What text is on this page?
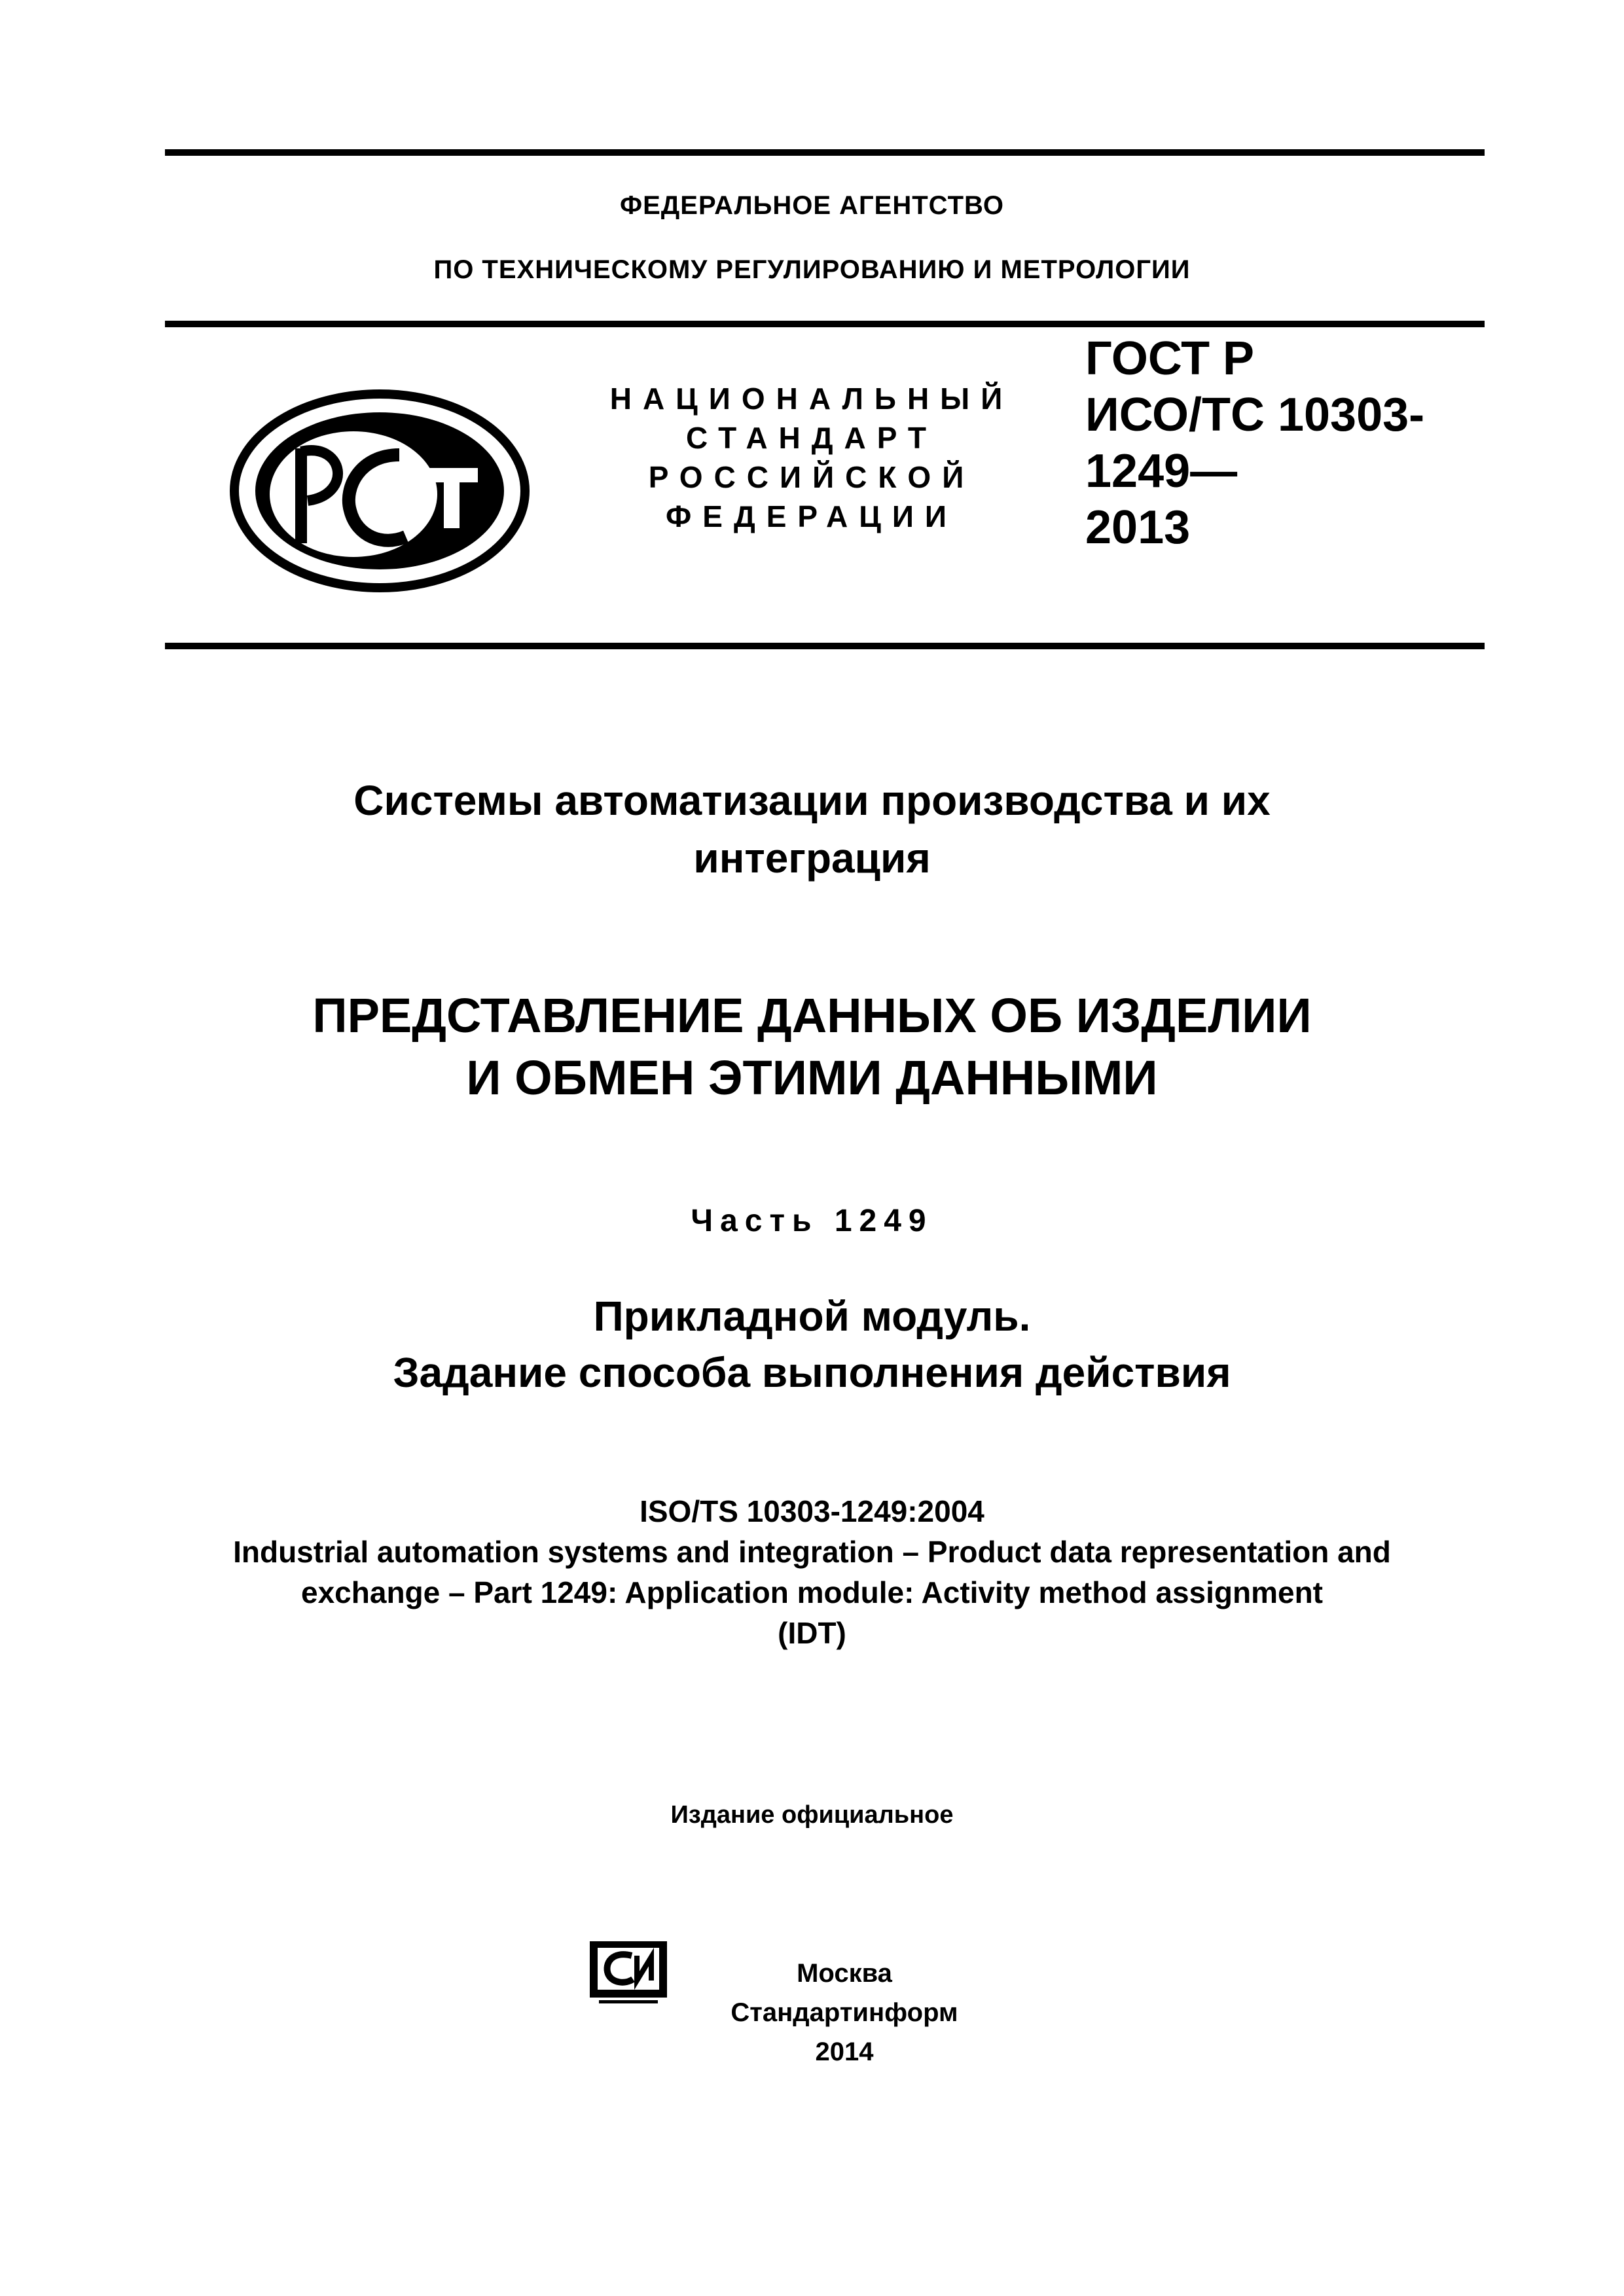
ФЕДЕРАЛЬНОЕ АГЕНТСТВО
ПО ТЕХНИЧЕСКОМУ РЕГУЛИРОВАНИЮ И МЕТРОЛОГИИ
НАЦИОНАЛЬНЫЙ
СТАНДАРТ
РОССИЙСКОЙ
ФЕДЕРАЦИИ
ГОСТ Р
ИСО/ТС 10303-
1249—
2013
Системы автоматизации производства и их
интеграция
ПРЕДСТАВЛЕНИЕ ДАННЫХ ОБ ИЗДЕЛИИ
И ОБМЕН ЭТИМИ ДАННЫМИ
Часть 1249
Прикладной модуль.
Задание способа выполнения действия
ISO/TS 10303-1249:2004
Industrial automation systems and integration – Product data representation and
exchange – Part 1249: Application module: Activity method assignment
(IDT)
Издание официальное
Москва
Стандартинформ
2014
